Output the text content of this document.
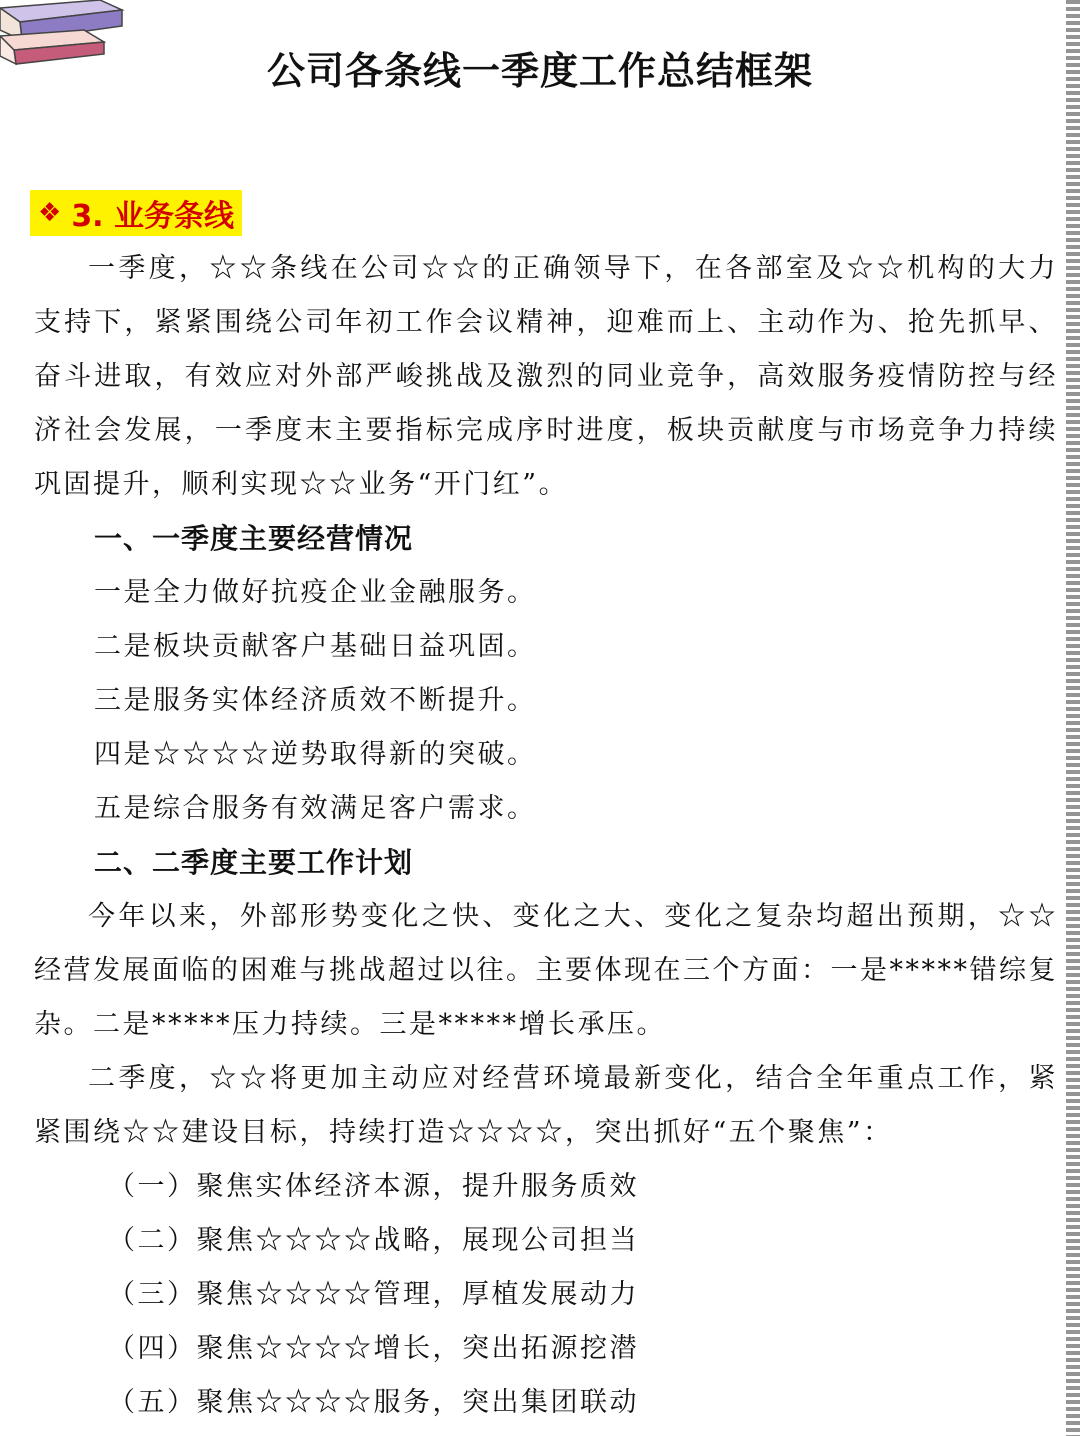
公司各条线一季度工作总结框架
❖ 3. 业务条线

一季度，☆☆条线在公司☆☆的正确领导下，在各部室及☆☆机构的大力支持下，紧紧围绕公司年初工作会议精神，迎难而上、主动作为、抢先抓早、奋斗进取，有效应对外部严峻挑战及激烈的同业竞争，高效服务疫情防控与经济社会发展，一季度末主要指标完成序时进度，板块贡献度与市场竞争力持续巩固提升，顺利实现☆☆业务“开门红”。

一、一季度主要经营情况

一是全力做好抗疫企业金融服务。

二是板块贡献客户基础日益巩固。

三是服务实体经济质效不断提升。

四是☆☆☆☆逆势取得新的突破。

五是综合服务有效满足客户需求。

二、二季度主要工作计划

今年以来，外部形势变化之快、变化之大、变化之复杂均超出预期，☆☆经营发展面临的困难与挑战超过以往。主要体现在三个方面：一是*****错综复杂。二是*****压力持续。三是*****增长承压。

二季度，☆☆将更加主动应对经营环境最新变化，结合全年重点工作，紧紧围绕☆☆建设目标，持续打造☆☆☆☆，突出抓好“五个聚焦”：

（一）聚焦实体经济本源，提升服务质效

（二）聚焦☆☆☆☆战略，展现公司担当

（三）聚焦☆☆☆☆管理，厚植发展动力

（四）聚焦☆☆☆☆增长，突出拓源挖潜

（五）聚焦☆☆☆☆服务，突出集团联动
